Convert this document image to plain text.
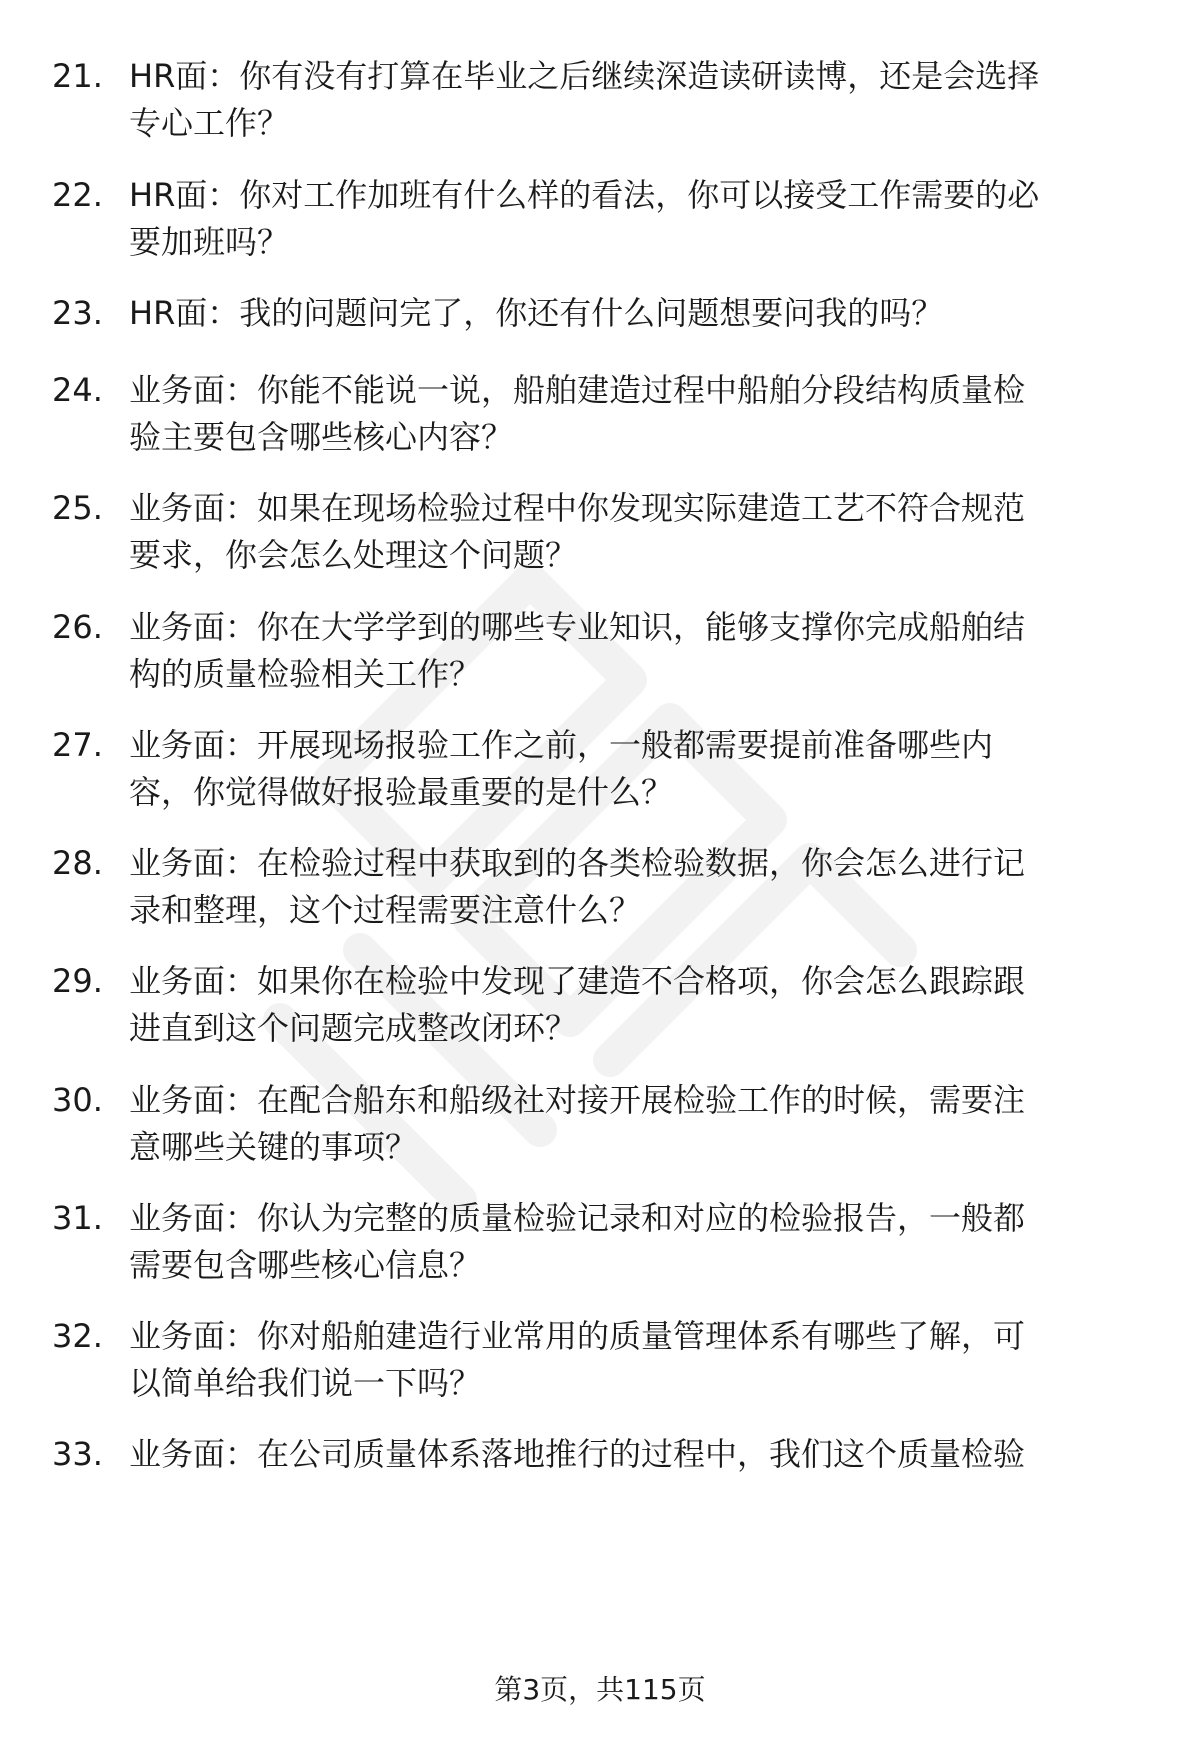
21. HR面：你有没有打算在毕业之后继续深造读研读博，还是会选择
专心工作？
22. HR面：你对工作加班有什么样的看法，你可以接受工作需要的必
要加班吗？
23. HR面：我的问题问完了，你还有什么问题想要问我的吗？
24. 业务面：你能不能说一说，船舶建造过程中船舶分段结构质量检
验主要包含哪些核心内容？
25. 业务面：如果在现场检验过程中你发现实际建造工艺不符合规范
要求，你会怎么处理这个问题？
26. 业务面：你在大学学到的哪些专业知识，能够支撑你完成船舶结
构的质量检验相关工作？
27. 业务面：开展现场报验工作之前，一般都需要提前准备哪些内
容，你觉得做好报验最重要的是什么？
28. 业务面：在检验过程中获取到的各类检验数据，你会怎么进行记
录和整理，这个过程需要注意什么？
29. 业务面：如果你在检验中发现了建造不合格项，你会怎么跟踪跟
进直到这个问题完成整改闭环？
30. 业务面：在配合船东和船级社对接开展检验工作的时候，需要注
意哪些关键的事项？
31. 业务面：你认为完整的质量检验记录和对应的检验报告，一般都
需要包含哪些核心信息？
32. 业务面：你对船舶建造行业常用的质量管理体系有哪些了解，可
以简单给我们说一下吗？
33. 业务面：在公司质量体系落地推行的过程中，我们这个质量检验
第3页，共115页
